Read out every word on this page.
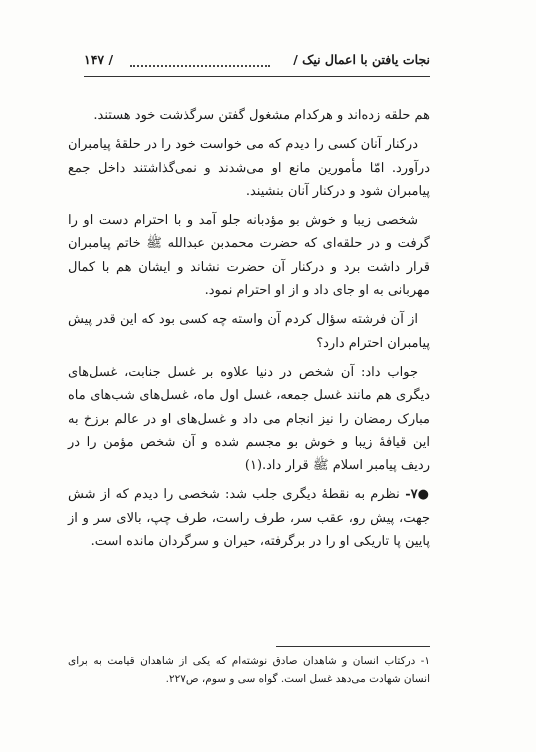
نجات یافتن با اعمال نیک /
/ ۱۴۷

هم حلقه زده‌اند و هرکدام مشغول گفتن سرگذشت خود هستند.

درکنار آنان کسی را دیدم که می خواست خود را در حلقهٔ پیامبران درآورد. امّا مأمورین مانع او می‌شدند و نمی‌گذاشتند داخل جمع پیامبران شود و درکنار آنان بنشیند.

شخصی زیبا و خوش بو مؤدبانه جلو آمد و با احترام دست او را گرفت و در حلقه‌ای که حضرت محمدبن عبدالله ﷺ خاتم پیامبران قرار داشت برد و درکنار آن حضرت نشاند و ایشان هم با کمال مهربانی به او جای داد و از او احترام نمود.

از آن فرشته سؤال کردم آن واسته چه کسی بود که این قدر پیش پیامبران احترام دارد؟

جواب داد: آن شخص در دنیا علاوه بر غسل جنابت، غسل‌های دیگری هم مانند غسل جمعه، غسل اول ماه، غسل‌های شب‌های ماه مبارک رمضان را نیز انجام می داد و غسل‌های او در عالم برزخ به این قیافهٔ زیبا و خوش بو مجسم شده و آن شخص مؤمن را در ردیف پیامبر اسلام ﷺ قرار داد.(۱)

●۷- نظرم به نقطهٔ دیگری جلب شد: شخصی را دیدم که از شش جهت، پیش رو، عقب سر، طرف راست، طرف چپ، بالای سر و از پایین پا تاریکی او را در برگرفته، حیران و سرگردان مانده است.

۱- درکتاب انسان و شاهدان صادق نوشته‌ام که یکی از شاهدان قیامت به برای انسان شهادت می‌دهد غسل است. گواه سی و سوم، ص۲۲۷.
